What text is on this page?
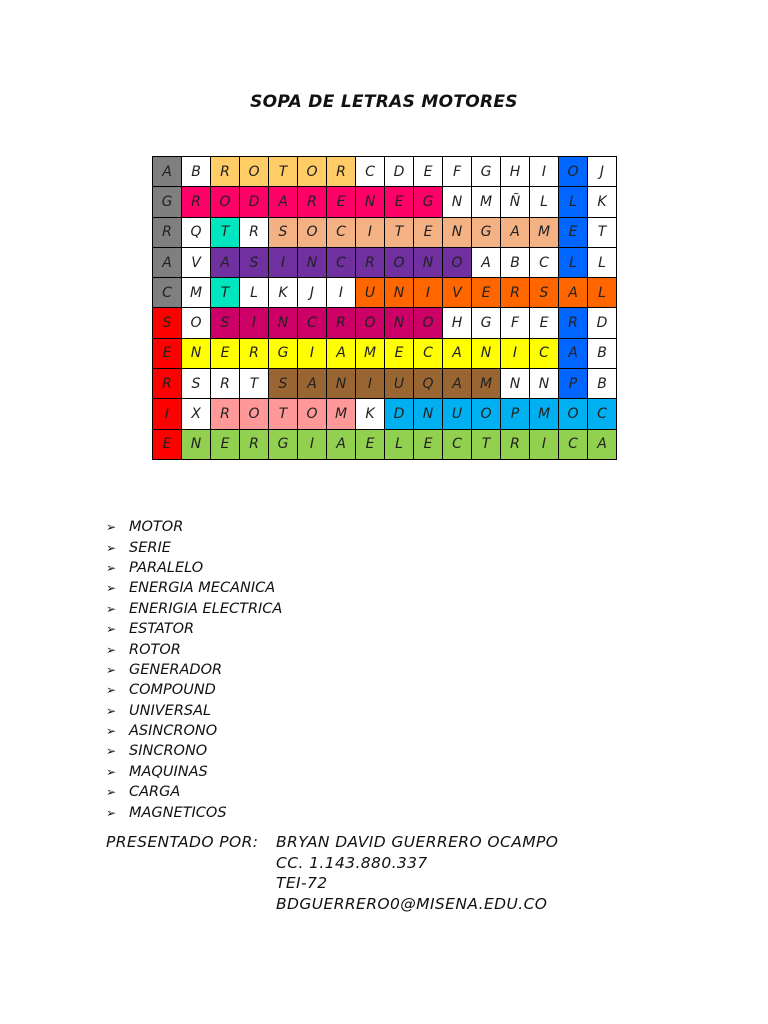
SOPA DE LETRAS MOTORES
A	B	R	O	T	O	R	C	D	E	F	G	H	I	O	J
G	R	O	D	A	R	E	N	E	G	N	M	Ñ	L	L	K
R	Q	T	R	S	O	C	I	T	E	N	G	A	M	E	T
A	V	A	S	I	N	C	R	O	N	O	A	B	C	L	L
C	M	T	L	K	J	I	U	N	I	V	E	R	S	A	L
S	O	S	I	N	C	R	O	N	O	H	G	F	E	R	D
E	N	E	R	G	I	A	M	E	C	A	N	I	C	A	B
R	S	R	T	S	A	N	I	U	Q	A	M	N	N	P	B
I	X	R	O	T	O	M	K	D	N	U	O	P	M	O	C
E	N	E	R	G	I	A	E	L	E	C	T	R	I	C	A
➢ MOTOR
➢ SERIE
➢ PARALELO
➢ ENERGIA MECANICA
➢ ENERIGIA ELECTRICA
➢ ESTATOR
➢ ROTOR
➢ GENERADOR
➢ COMPOUND
➢ UNIVERSAL
➢ ASINCRONO
➢ SINCRONO
➢ MAQUINAS
➢ CARGA
➢ MAGNETICOS
PRESENTADO POR:	BRYAN DAVID GUERRERO OCAMPO
CC. 1.143.880.337
TEI-72
BDGUERRERO0@MISENA.EDU.CO
